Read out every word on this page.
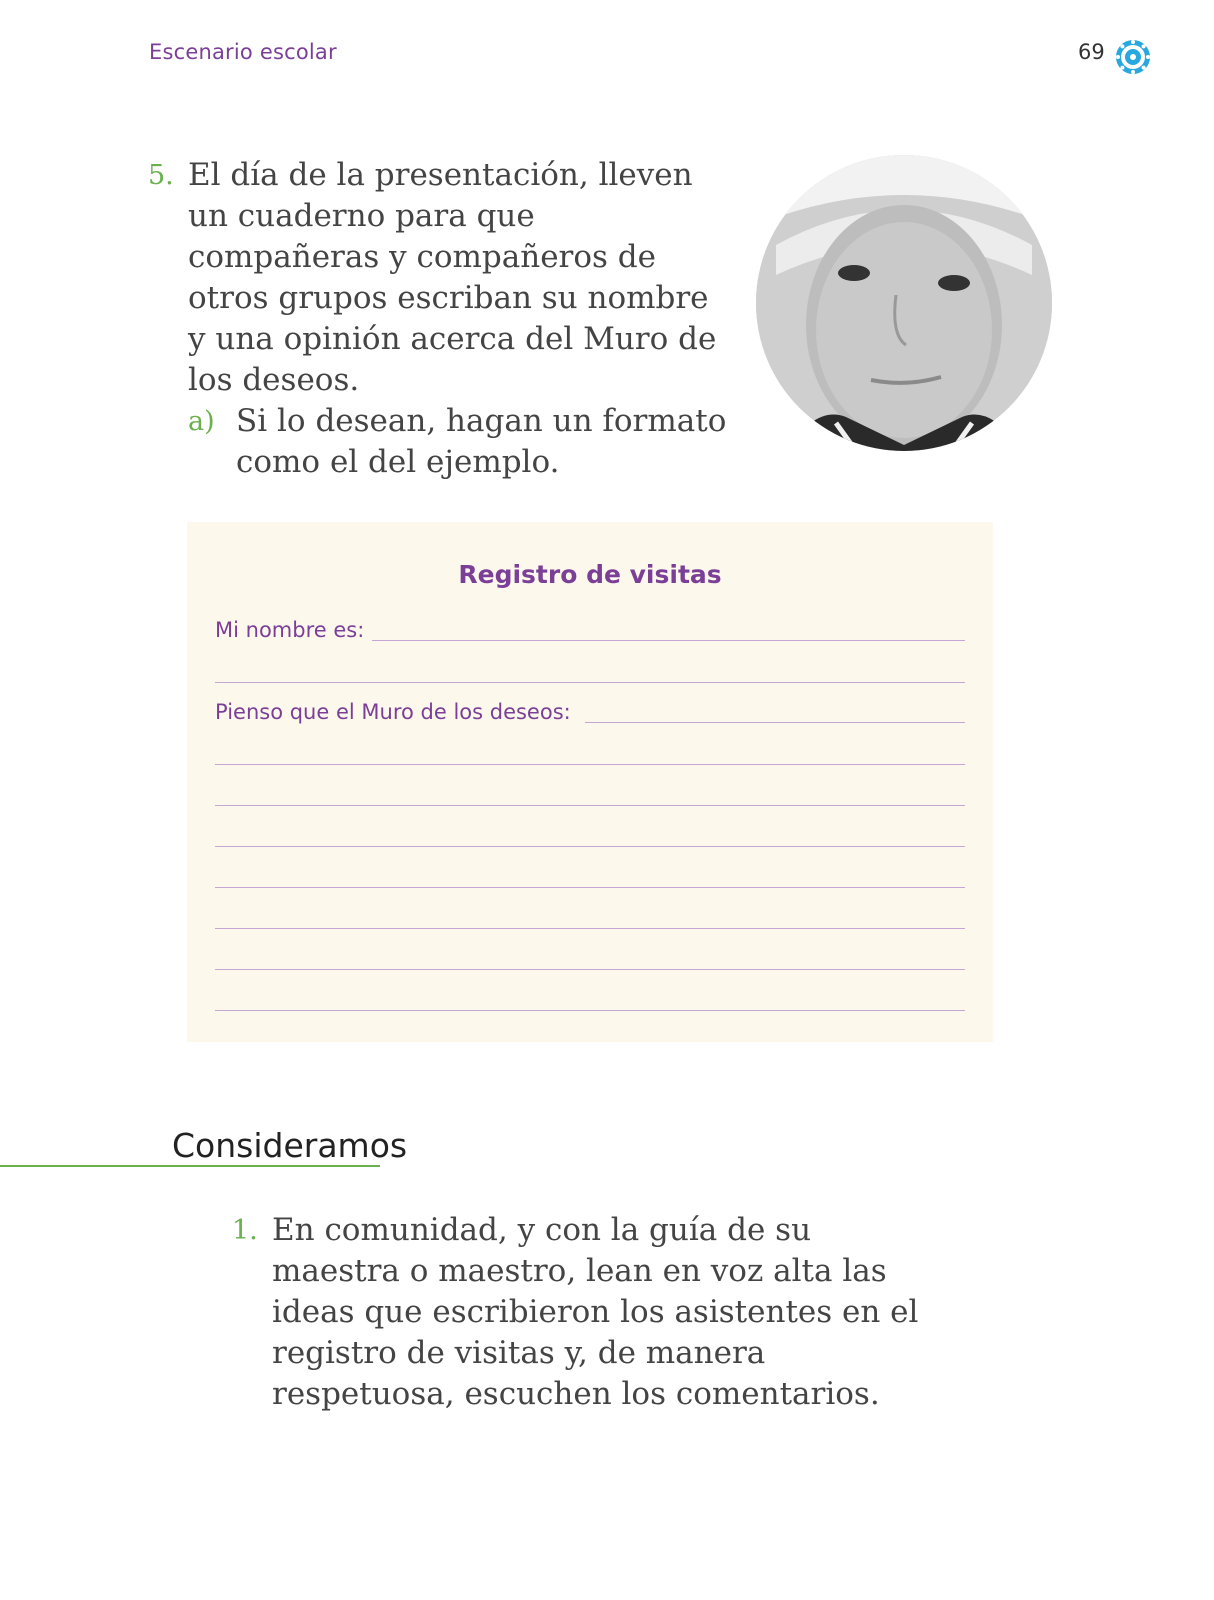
Escenario escolar	69
5. El día de la presentación, lleven un cuaderno para que compañeras y compañeros de otros grupos escriban su nombre y una opinión acerca del Muro de los deseos.
a) Si lo desean, hagan un formato como el del ejemplo.
Registro de visitas
Mi nombre es:
Pienso que el Muro de los deseos:
Consideramos
1. En comunidad, y con la guía de su maestra o maestro, lean en voz alta las ideas que escribieron los asistentes en el registro de visitas y, de manera respetuosa, escuchen los comentarios.
